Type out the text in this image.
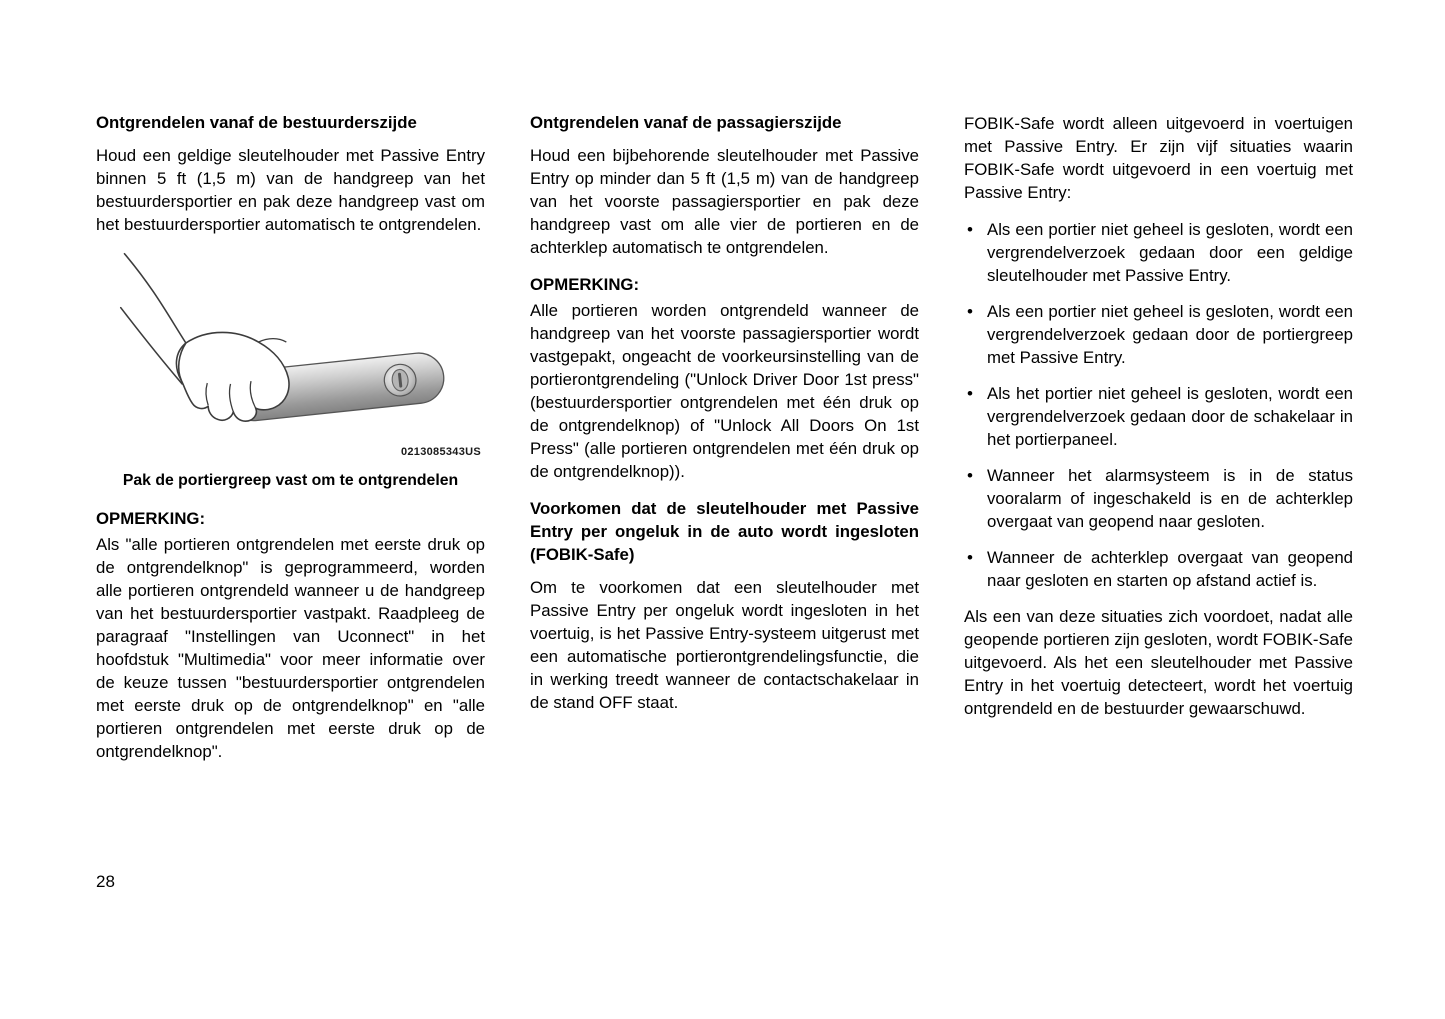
Ontgrendelen vanaf de bestuurderszijde

Houd een geldige sleutelhouder met Passive Entry binnen 5 ft (1,5 m) van de handgreep van het bestuurdersportier en pak deze handgreep vast om het bestuurdersportier automatisch te ontgrendelen.

0213085343US
Pak de portiergreep vast om te ontgrendelen
OPMERKING:

Als "alle portieren ontgrendelen met eerste druk op de ontgrendelknop" is geprogrammeerd, worden alle portieren ontgrendeld wanneer u de handgreep van het bestuurdersportier vastpakt. Raadpleeg de paragraaf "Instellingen van Uconnect" in het hoofdstuk "Multimedia" voor meer informatie over de keuze tussen "bestuurdersportier ontgrendelen met eerste druk op de ontgrendelknop" en "alle portieren ontgrendelen met eerste druk op de ontgrendelknop".

Ontgrendelen vanaf de passagierszijde

Houd een bijbehorende sleutelhouder met Passive Entry op minder dan 5 ft (1,5 m) van de handgreep van het voorste passagiersportier en pak deze handgreep vast om alle vier de portieren en de achterklep automatisch te ontgrendelen.

OPMERKING:

Alle portieren worden ontgrendeld wanneer de handgreep van het voorste passagiersportier wordt vastgepakt, ongeacht de voorkeursinstelling van de portierontgrendeling ("Unlock Driver Door 1st press" (bestuurdersportier ontgrendelen met één druk op de ontgrendelknop) of "Unlock All Doors On 1st Press" (alle portieren ontgrendelen met één druk op de ontgrendelknop)).

Voorkomen dat de sleutelhouder met Passive Entry per ongeluk in de auto wordt ingesloten (FOBIK-Safe)

Om te voorkomen dat een sleutelhouder met Passive Entry per ongeluk wordt ingesloten in het voertuig, is het Passive Entry-systeem uitgerust met een automatische portierontgrendelingsfunctie, die in werking treedt wanneer de contactschakelaar in de stand OFF staat.

FOBIK-Safe wordt alleen uitgevoerd in voertuigen met Passive Entry. Er zijn vijf situaties waarin FOBIK-Safe wordt uitgevoerd in een voertuig met Passive Entry:

• Als een portier niet geheel is gesloten, wordt een vergrendelverzoek gedaan door een geldige sleutelhouder met Passive Entry.
• Als een portier niet geheel is gesloten, wordt een vergrendelverzoek gedaan door de portiergreep met Passive Entry.
• Als het portier niet geheel is gesloten, wordt een vergrendelverzoek gedaan door de schakelaar in het portierpaneel.
• Wanneer het alarmsysteem is in de status vooralarm of ingeschakeld is en de achterklep overgaat van geopend naar gesloten.
• Wanneer de achterklep overgaat van geopend naar gesloten en starten op afstand actief is.

Als een van deze situaties zich voordoet, nadat alle geopende portieren zijn gesloten, wordt FOBIK-Safe uitgevoerd. Als het een sleutelhouder met Passive Entry in het voertuig detecteert, wordt het voertuig ontgrendeld en de bestuurder gewaarschuwd.

28
